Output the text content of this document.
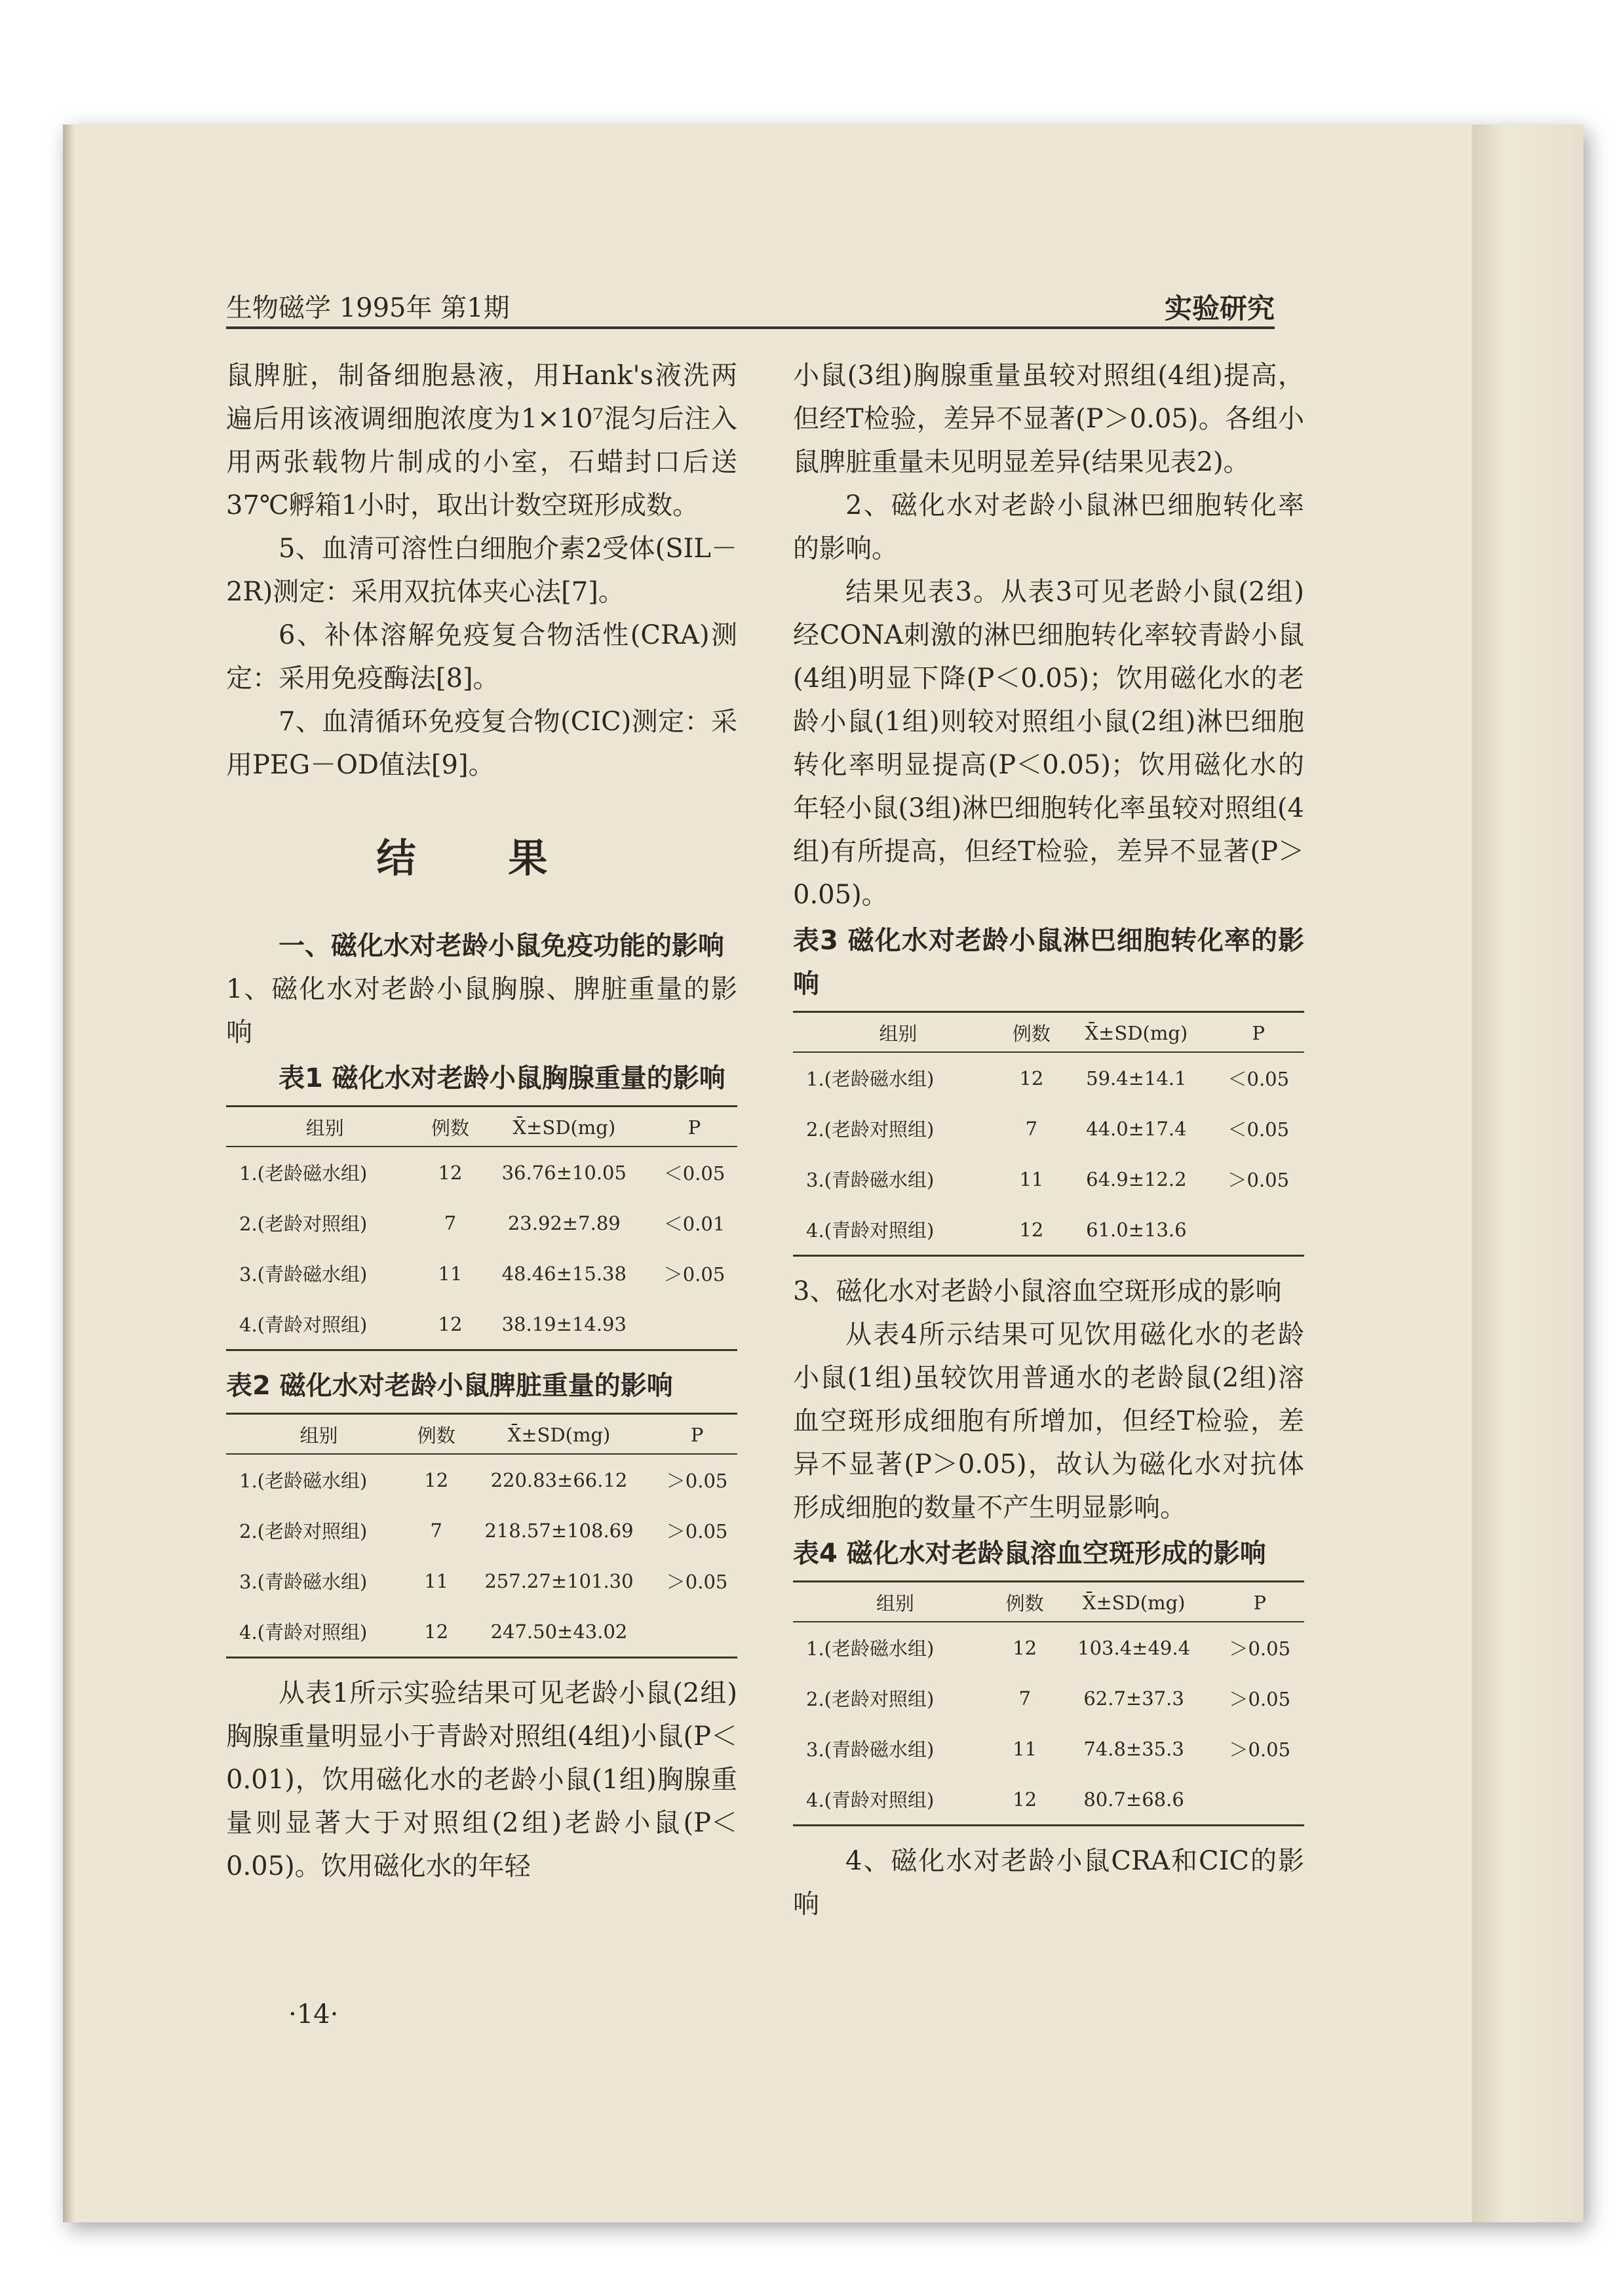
生物磁学 1995年 第1期	实验研究

鼠脾脏，制备细胞悬液，用Hank's液洗两遍后用该液调细胞浓度为1×10⁷混匀后注入用两张载物片制成的小室，石蜡封口后送37℃孵箱1小时，取出计数空斑形成数。

5、血清可溶性白细胞介素2受体(SIL－2R)测定：采用双抗体夹心法[7]。

6、补体溶解免疫复合物活性(CRA)测定：采用免疫酶法[8]。

7、血清循环免疫复合物(CIC)测定：采用PEG－OD值法[9]。

结 果

一、磁化水对老龄小鼠免疫功能的影响

1、磁化水对老龄小鼠胸腺、脾脏重量的影响

表1 磁化水对老龄小鼠胸腺重量的影响

组别	例数	X̄±SD(mg)	P
1.(老龄磁水组)	12	36.76±10.05	＜0.05
2.(老龄对照组)	7	23.92±7.89	＜0.01
3.(青龄磁水组)	11	48.46±15.38	＞0.05
4.(青龄对照组)	12	38.19±14.93	

表2 磁化水对老龄小鼠脾脏重量的影响

组别	例数	X̄±SD(mg)	P
1.(老龄磁水组)	12	220.83±66.12	＞0.05
2.(老龄对照组)	7	218.57±108.69	＞0.05
3.(青龄磁水组)	11	257.27±101.30	＞0.05
4.(青龄对照组)	12	247.50±43.02	

从表1所示实验结果可见老龄小鼠(2组)胸腺重量明显小于青龄对照组(4组)小鼠(P＜0.01)，饮用磁化水的老龄小鼠(1组)胸腺重量则显著大于对照组(2组)老龄小鼠(P＜0.05)。饮用磁化水的年轻

小鼠(3组)胸腺重量虽较对照组(4组)提高，但经T检验，差异不显著(P＞0.05)。各组小鼠脾脏重量未见明显差异(结果见表2)。

2、磁化水对老龄小鼠淋巴细胞转化率的影响。

结果见表3。从表3可见老龄小鼠(2组)经CONA刺激的淋巴细胞转化率较青龄小鼠(4组)明显下降(P＜0.05)；饮用磁化水的老龄小鼠(1组)则较对照组小鼠(2组)淋巴细胞转化率明显提高(P＜0.05)；饮用磁化水的年轻小鼠(3组)淋巴细胞转化率虽较对照组(4组)有所提高，但经T检验，差异不显著(P＞0.05)。

表3 磁化水对老龄小鼠淋巴细胞转化率的影响

组别	例数	X̄±SD(mg)	P
1.(老龄磁水组)	12	59.4±14.1	＜0.05
2.(老龄对照组)	7	44.0±17.4	＜0.05
3.(青龄磁水组)	11	64.9±12.2	＞0.05
4.(青龄对照组)	12	61.0±13.6	

3、磁化水对老龄小鼠溶血空斑形成的影响

从表4所示结果可见饮用磁化水的老龄小鼠(1组)虽较饮用普通水的老龄鼠(2组)溶血空斑形成细胞有所增加，但经T检验，差异不显著(P＞0.05)，故认为磁化水对抗体形成细胞的数量不产生明显影响。

表4 磁化水对老龄鼠溶血空斑形成的影响

组别	例数	X̄±SD(mg)	P
1.(老龄磁水组)	12	103.4±49.4	＞0.05
2.(老龄对照组)	7	62.7±37.3	＞0.05
3.(青龄磁水组)	11	74.8±35.3	＞0.05
4.(青龄对照组)	12	80.7±68.6	

4、磁化水对老龄小鼠CRA和CIC的影响

·14·
